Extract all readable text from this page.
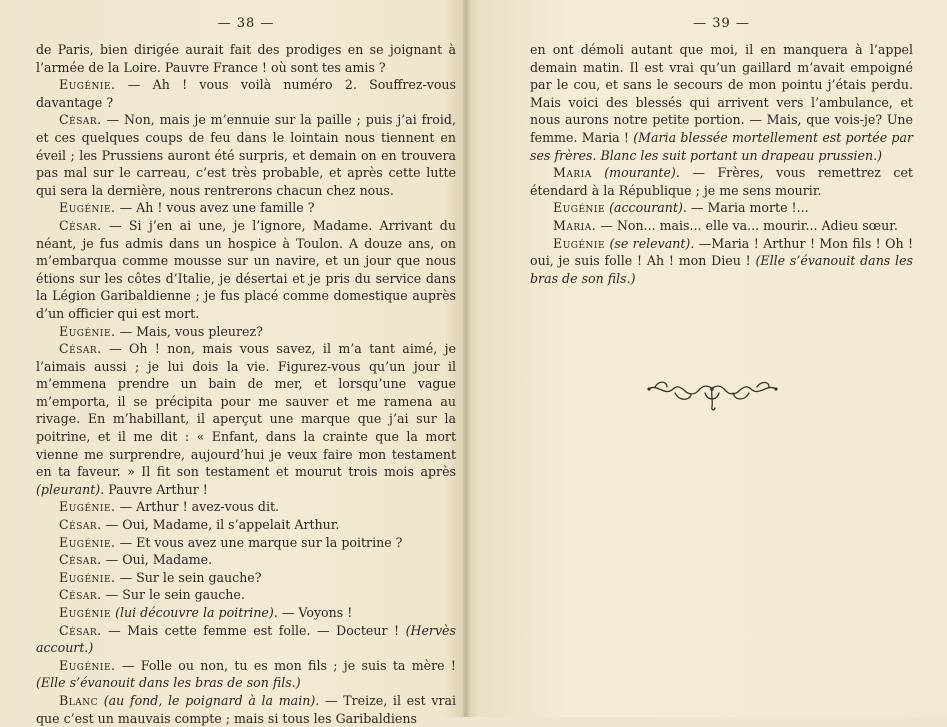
— 38 —

de Paris, bien dirigée aurait fait des prodiges en se joignant à l’armée de la Loire. Pauvre France ! où sont tes amis ?

Eugénie. — Ah ! vous voilà numéro 2. Souffrez-vous davantage ?

César. — Non, mais je m’ennuie sur la paille ; puis j’ai froid, et ces quelques coups de feu dans le lointain nous tiennent en éveil ; les Prussiens auront été surpris, et demain on en trouvera pas mal sur le carreau, c’est très probable, et après cette lutte qui sera la dernière, nous rentrerons chacun chez nous.

Eugénie. — Ah ! vous avez une famille ?

César. — Si j’en ai une, je l’ignore, Madame. Arrivant du néant, je fus admis dans un hospice à Toulon. A douze ans, on m’embarqua comme mousse sur un navire, et un jour que nous étions sur les côtes d’Italie, je désertai et je pris du service dans la Légion Garibaldienne ; je fus placé comme domestique auprès d’un officier qui est mort.

Eugénie. — Mais, vous pleurez?

César. — Oh ! non, mais vous savez, il m’a tant aimé, je l’aimais aussi ; je lui dois la vie. Figurez-vous qu’un jour il m’emmena prendre un bain de mer, et lorsqu’une vague m’emporta, il se précipita pour me sauver et me ramena au rivage. En m’habillant, il aperçut une marque que j’ai sur la poitrine, et il me dit : « Enfant, dans la crainte que la mort vienne me surprendre, aujourd’hui je veux faire mon testament en ta faveur. » Il fit son testament et mourut trois mois après (pleurant). Pauvre Arthur !

Eugénie. — Arthur ! avez-vous dit.

César. — Oui, Madame, il s’appelait Arthur.

Eugénie. — Et vous avez une marque sur la poitrine ?

César. — Oui, Madame.

Eugénie. — Sur le sein gauche?

César. — Sur le sein gauche.

Eugénie (lui découvre la poitrine). — Voyons !

César. — Mais cette femme est folle. — Docteur ! (Hervès accourt.)

Eugénie. — Folle ou non, tu es mon fils ; je suis ta mère ! (Elle s’évanouit dans les bras de son fils.)

Blanc (au fond, le poignard à la main). — Treize, il est vrai que c’est un mauvais compte ; mais si tous les Garibaldiens

— 39 —

en ont démoli autant que moi, il en manquera à l’appel demain matin. Il est vrai qu’un gaillard m’avait empoigné par le cou, et sans le secours de mon pointu j’étais perdu. Mais voici des blessés qui arrivent vers l’ambulance, et nous aurons notre petite portion. — Mais, que vois-je? Une femme. Maria ! (Maria blessée mortellement est portée par ses frères. Blanc les suit portant un drapeau prussien.)

Maria (mourante). — Frères, vous remettrez cet étendard à la République ; je me sens mourir.

Eugénie (accourant). — Maria morte !...

Maria. — Non... mais... elle va... mourir... Adieu sœur.

Eugénie (se relevant). —Maria ! Arthur ! Mon fils ! Oh ! oui, je suis folle ! Ah ! mon Dieu ! (Elle s’évanouit dans les bras de son fils.)
